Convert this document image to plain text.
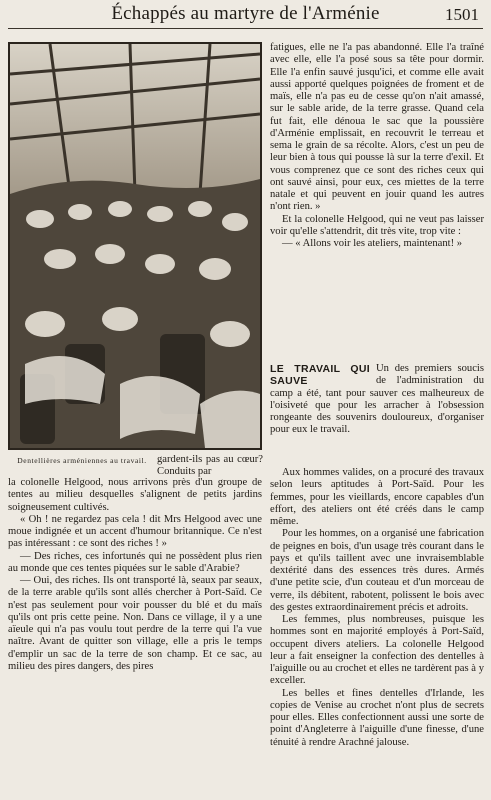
Échappés au martyre de l'Arménie	1501
Dentellières arméniennes au travail. gardent-ils pas au cœur? Conduits par

la colonelle Helgood, nous arrivons près d'un groupe de tentes au milieu desquelles s'alignent de petits jardins soigneusement cultivés.

« Oh ! ne regardez pas cela ! dit Mrs Helgood avec une moue indignée et un accent d'humour britannique. Ce n'est pas intéressant : ce sont des riches ! »

— Des riches, ces infortunés qui ne possèdent plus rien au monde que ces tentes piquées sur le sable d'Arabie?

— Oui, des riches. Ils ont transporté là, seaux par seaux, de la terre arable qu'ils sont allés chercher à Port-Saïd. Ce n'est pas seulement pour voir pousser du blé et du maïs qu'ils ont pris cette peine. Non. Dans ce village, il y a une aïeule qui n'a pas voulu tout perdre de la terre qui l'a vue naître. Avant de quitter son village, elle a pris le temps d'emplir un sac de la terre de son champ. Et ce sac, au milieu des pires dangers, des pires

fatigues, elle ne l'a pas abandonné. Elle l'a traîné avec elle, elle l'a posé sous sa tête pour dormir. Elle l'a enfin sauvé jusqu'ici, et comme elle avait aussi apporté quelques poignées de froment et de maïs, elle n'a pas eu de cesse qu'on n'ait amassé, sur le sable aride, de la terre grasse. Quand cela fut fait, elle dénoua le sac que la poussière d'Arménie emplissait, en recouvrit le terreau et sema le grain de sa récolte. Alors, c'est un peu de leur bien à tous qui pousse là sur la terre d'exil. Et vous comprenez que ce sont des riches ceux qui ont sauvé ainsi, pour eux, ces miettes de la terre natale et qui peuvent en jouir quand les autres n'ont rien. »

Et la colonelle Helgood, qui ne veut pas laisser voir qu'elle s'attendrit, dit très vite, trop vite :

— « Allons voir les ateliers, maintenant! »

LE TRAVAIL QUI SAUVE
Un des premiers soucis de l'administration du camp a été, tant pour sauver ces malheureux de l'oisiveté que pour les arracher à l'obsession rongeante des souvenirs douloureux, d'organiser pour eux le travail.

Aux hommes valides, on a procuré des travaux selon leurs aptitudes à Port-Saïd. Pour les femmes, pour les vieillards, encore capables d'un effort, des ateliers ont été créés dans le camp même.

Pour les hommes, on a organisé une fabrication de peignes en bois, d'un usage très courant dans le pays et qu'ils taillent avec une invraisemblable dextérité dans des essences très dures. Armés d'une petite scie, d'un couteau et d'un morceau de verre, ils débitent, rabotent, polissent le bois avec des gestes extraordinairement précis et adroits.

Les femmes, plus nombreuses, puisque les hommes sont en majorité employés à Port-Saïd, occupent divers ateliers. La colonelle Helgood leur a fait enseigner la confection des dentelles à l'aiguille ou au crochet et elles ne tardèrent pas à y exceller.

Les belles et fines dentelles d'Irlande, les copies de Venise au crochet n'ont plus de secrets pour elles. Elles confectionnent aussi une sorte de point d'Angleterre à l'aiguille d'une finesse, d'une ténuité à rendre Arachné jalouse.
